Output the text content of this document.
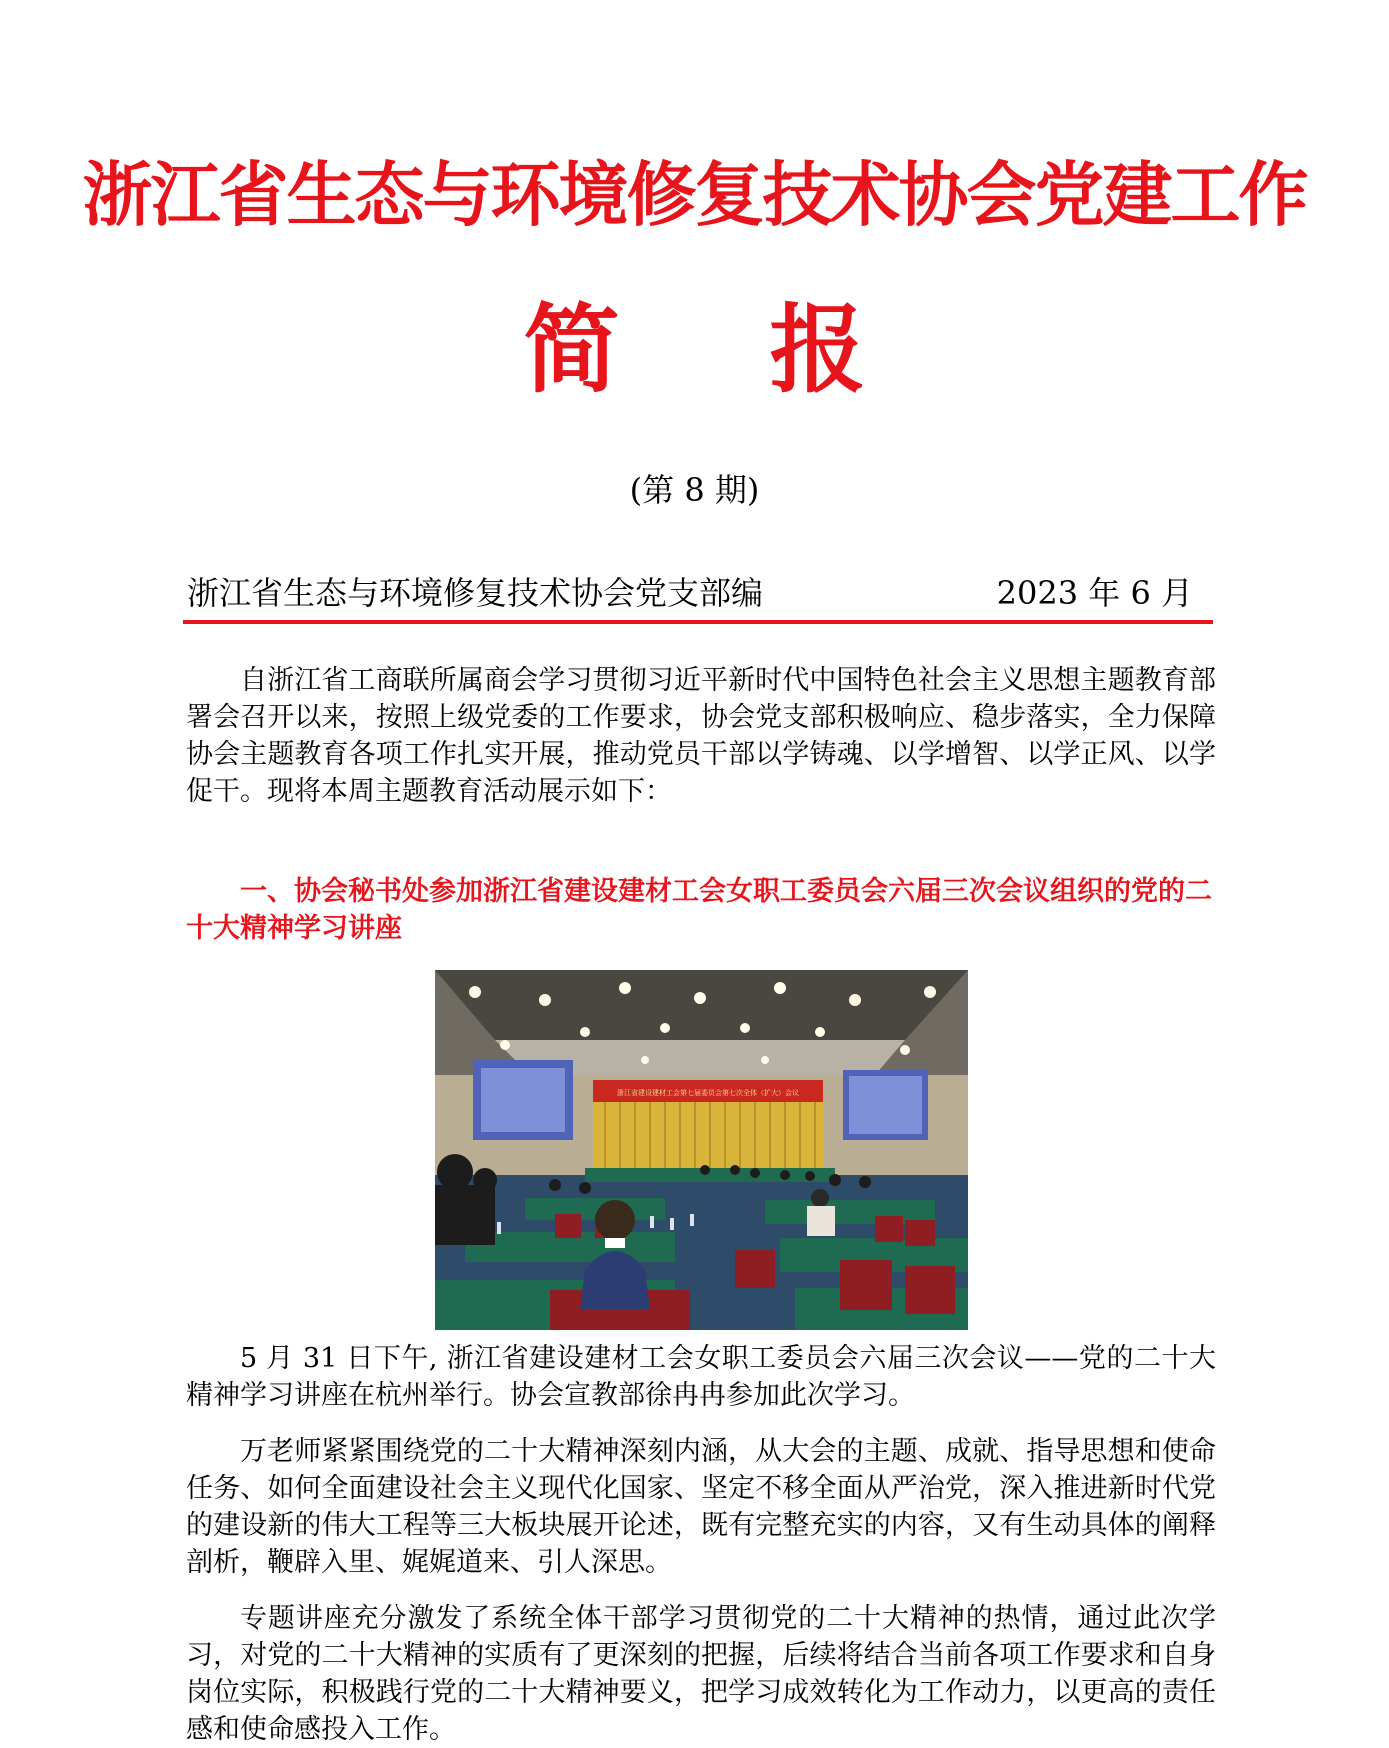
浙江省生态与环境修复技术协会党建工作
简报
(第 8 期)
浙江省生态与环境修复技术协会党支部编	2023 年 6 月

自浙江省工商联所属商会学习贯彻习近平新时代中国特色社会主义思想主题教育部署会召开以来，按照上级党委的工作要求，协会党支部积极响应、稳步落实，全力保障协会主题教育各项工作扎实开展，推动党员干部以学铸魂、以学增智、以学正风、以学促干。现将本周主题教育活动展示如下：

一、协会秘书处参加浙江省建设建材工会女职工委员会六届三次会议组织的党的二十大精神学习讲座
浙江省建设建材工会第七届委员会第七次全体（扩大）会议

5 月 31 日下午, 浙江省建设建材工会女职工委员会六届三次会议——党的二十大精神学习讲座在杭州举行。协会宣教部徐冉冉参加此次学习。

万老师紧紧围绕党的二十大精神深刻内涵，从大会的主题、成就、指导思想和使命任务、如何全面建设社会主义现代化国家、坚定不移全面从严治党，深入推进新时代党的建设新的伟大工程等三大板块展开论述，既有完整充实的内容，又有生动具体的阐释剖析，鞭辟入里、娓娓道来、引人深思。

专题讲座充分激发了系统全体干部学习贯彻党的二十大精神的热情，通过此次学习，对党的二十大精神的实质有了更深刻的把握，后续将结合当前各项工作要求和自身岗位实际，积极践行党的二十大精神要义，把学习成效转化为工作动力，以更高的责任感和使命感投入工作。
